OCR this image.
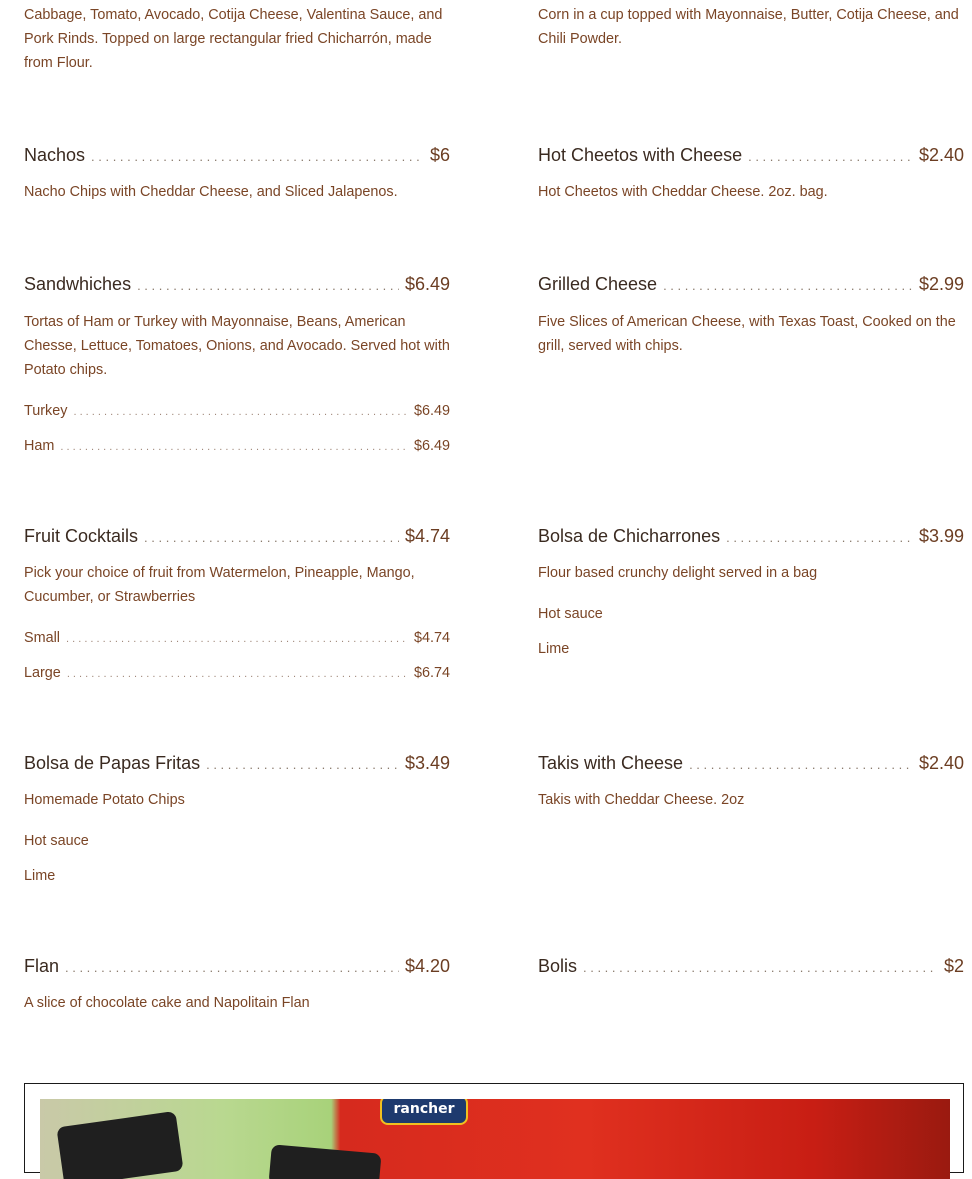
Cabbage, Tomato, Avocado, Cotija Cheese, Valentina Sauce, and Pork Rinds. Topped on large rectangular fried Chicharrón, made from Flour.
Nachos . . .	$6
Nacho Chips with Cheddar Cheese, and Sliced Jalapenos.
Sandwhiches . . .	$6.49
Tortas of Ham or Turkey with Mayonnaise, Beans, American Chesse, Lettuce, Tomatoes, Onions, and Avocado. Served hot with Potato chips.
Turkey . . .	$6.49
Ham . . .	$6.49
Fruit Cocktails . . .	$4.74
Pick your choice of fruit from Watermelon, Pineapple, Mango, Cucumber, or Strawberries
Small . . .	$4.74
Large . . .	$6.74
Bolsa de Papas Fritas . . .	$3.49
Homemade Potato Chips
Hot sauce
Lime
Flan . . .	$4.20
A slice of chocolate cake and Napolitain Flan
Corn in a cup topped with Mayonnaise, Butter, Cotija Cheese, and Chili Powder.
Hot Cheetos with Cheese . . .	$2.40
Hot Cheetos with Cheddar Cheese. 2oz. bag.
Grilled Cheese . . .	$2.99
Five Slices of American Cheese, with Texas Toast, Cooked on the grill, served with chips.
Bolsa de Chicharrones . . .	$3.99
Flour based crunchy delight served in a bag
Hot sauce
Lime
Takis with Cheese . . .	$2.40
Takis with Cheddar Cheese. 2oz
Bolis . . .	$2
rancher
